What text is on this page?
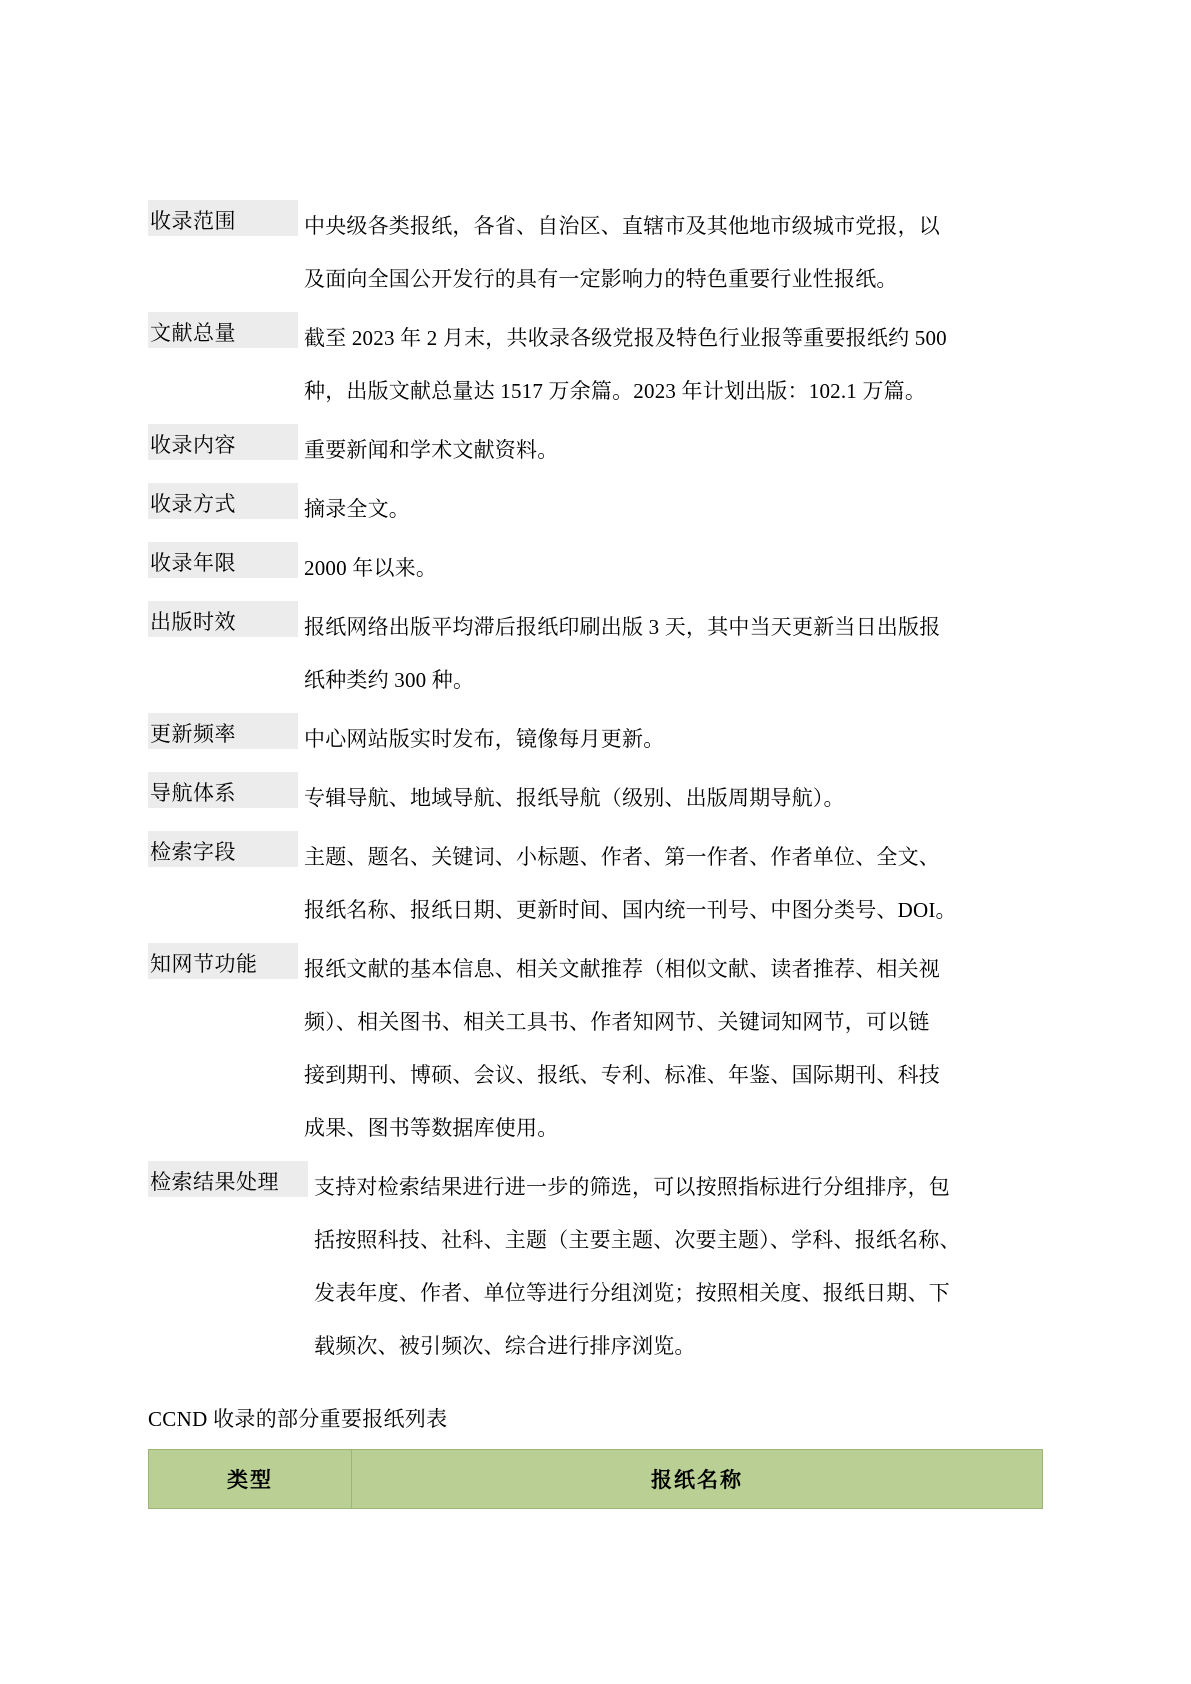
收录范围	中央级各类报纸，各省、自治区、直辖市及其他地市级城市党报，以
及面向全国公开发行的具有一定影响力的特色重要行业性报纸。
文献总量	截至 2023 年 2 月末，共收录各级党报及特色行业报等重要报纸约 500
种，出版文献总量达 1517 万余篇。2023 年计划出版：102.1 万篇。
收录内容	重要新闻和学术文献资料。
收录方式	摘录全文。
收录年限	2000 年以来。
出版时效	报纸网络出版平均滞后报纸印刷出版 3 天，其中当天更新当日出版报
纸种类约 300 种。
更新频率	中心网站版实时发布，镜像每月更新。
导航体系	专辑导航、地域导航、报纸导航（级别、出版周期导航）。
检索字段	主题、题名、关键词、小标题、作者、第一作者、作者单位、全文、
报纸名称、报纸日期、更新时间、国内统一刊号、中图分类号、DOI。
知网节功能	报纸文献的基本信息、相关文献推荐（相似文献、读者推荐、相关视
频）、相关图书、相关工具书、作者知网节、关键词知网节，可以链
接到期刊、博硕、会议、报纸、专利、标准、年鉴、国际期刊、科技
成果、图书等数据库使用。
检索结果处理	支持对检索结果进行进一步的筛选，可以按照指标进行分组排序，包
括按照科技、社科、主题（主要主题、次要主题）、学科、报纸名称、
发表年度、作者、单位等进行分组浏览；按照相关度、报纸日期、下
载频次、被引频次、综合进行排序浏览。
CCND 收录的部分重要报纸列表
类型	报纸名称
